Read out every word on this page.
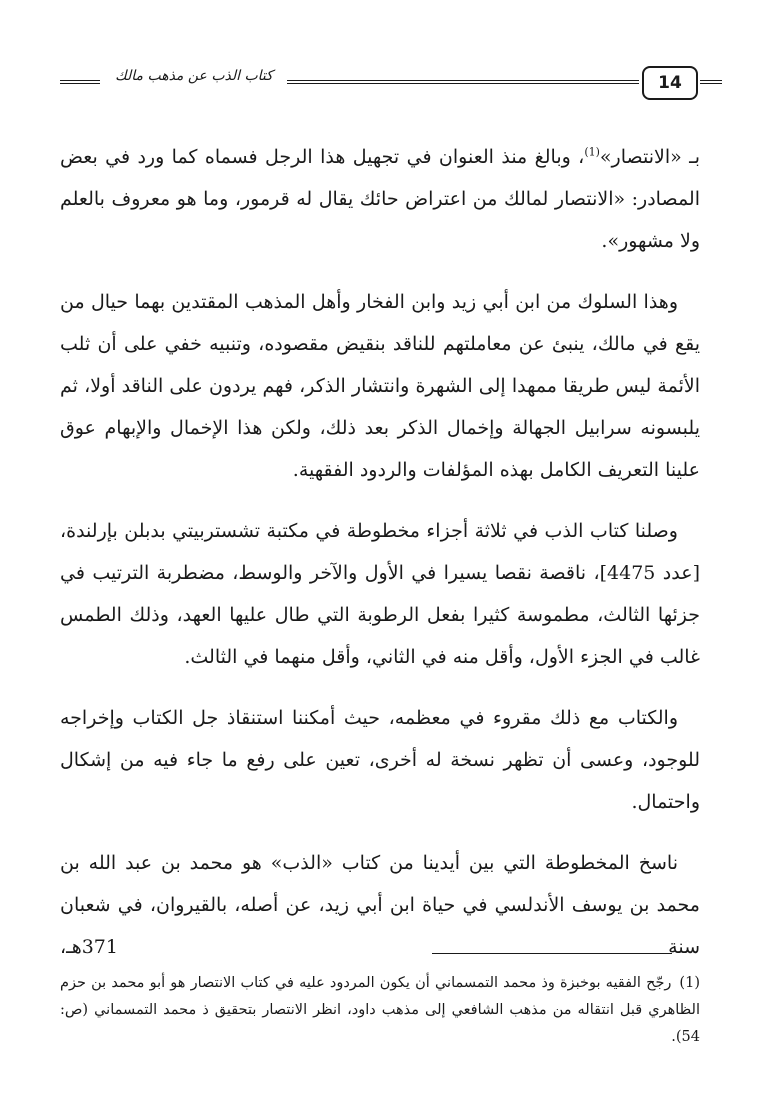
14
كتاب الذب عن مذهب مالك

بـ «الانتصار»$^{(1)}$، وبالغ منذ العنوان في تجهيل هذا الرجل فسماه كما ورد في بعض المصادر: «الانتصار لمالك من اعتراض حائك يقال له قرمور، وما هو معروف بالعلم ولا مشهور».

وهذا السلوك من ابن أبي زيد وابن الفخار وأهل المذهب المقتدين بهما حيال من يقع في مالك، ينبئ عن معاملتهم للناقد بنقيض مقصوده، وتنبيه خفي على أن ثلب الأئمة ليس طريقا ممهدا إلى الشهرة وانتشار الذكر، فهم يردون على الناقد أولا، ثم يلبسونه سرابيل الجهالة وإخمال الذكر بعد ذلك، ولكن هذا الإخمال والإبهام عوق علينا التعريف الكامل بهذه المؤلفات والردود الفقهية.

وصلنا كتاب الذب في ثلاثة أجزاء مخطوطة في مكتبة تشستربيتي بدبلن بإرلندة، [عدد 4475]، ناقصة نقصا يسيرا في الأول والآخر والوسط، مضطربة الترتيب في جزئها الثالث، مطموسة كثيرا بفعل الرطوبة التي طال عليها العهد، وذلك الطمس غالب في الجزء الأول، وأقل منه في الثاني، وأقل منهما في الثالث.

والكتاب مع ذلك مقروء في معظمه، حيث أمكننا استنقاذ جل الكتاب وإخراجه للوجود، وعسى أن تظهر نسخة له أخرى، تعين على رفع ما جاء فيه من إشكال واحتمال.

ناسخ المخطوطة التي بين أيدينا من كتاب «الذب» هو محمد بن عبد الله بن محمد بن يوسف الأندلسي في حياة ابن أبي زيد، عن أصله، بالقيروان، في شعبان سنة 371هـ،

(1)رجّح الفقيه بوخبزة وذ محمد التمسماني أن يكون المردود عليه في كتاب الانتصار هو أبو محمد بن حزم الظاهري قبل انتقاله من مذهب الشافعي إلى مذهب داود، انظر الانتصار بتحقيق ذ محمد التمسماني (ص: 54).
